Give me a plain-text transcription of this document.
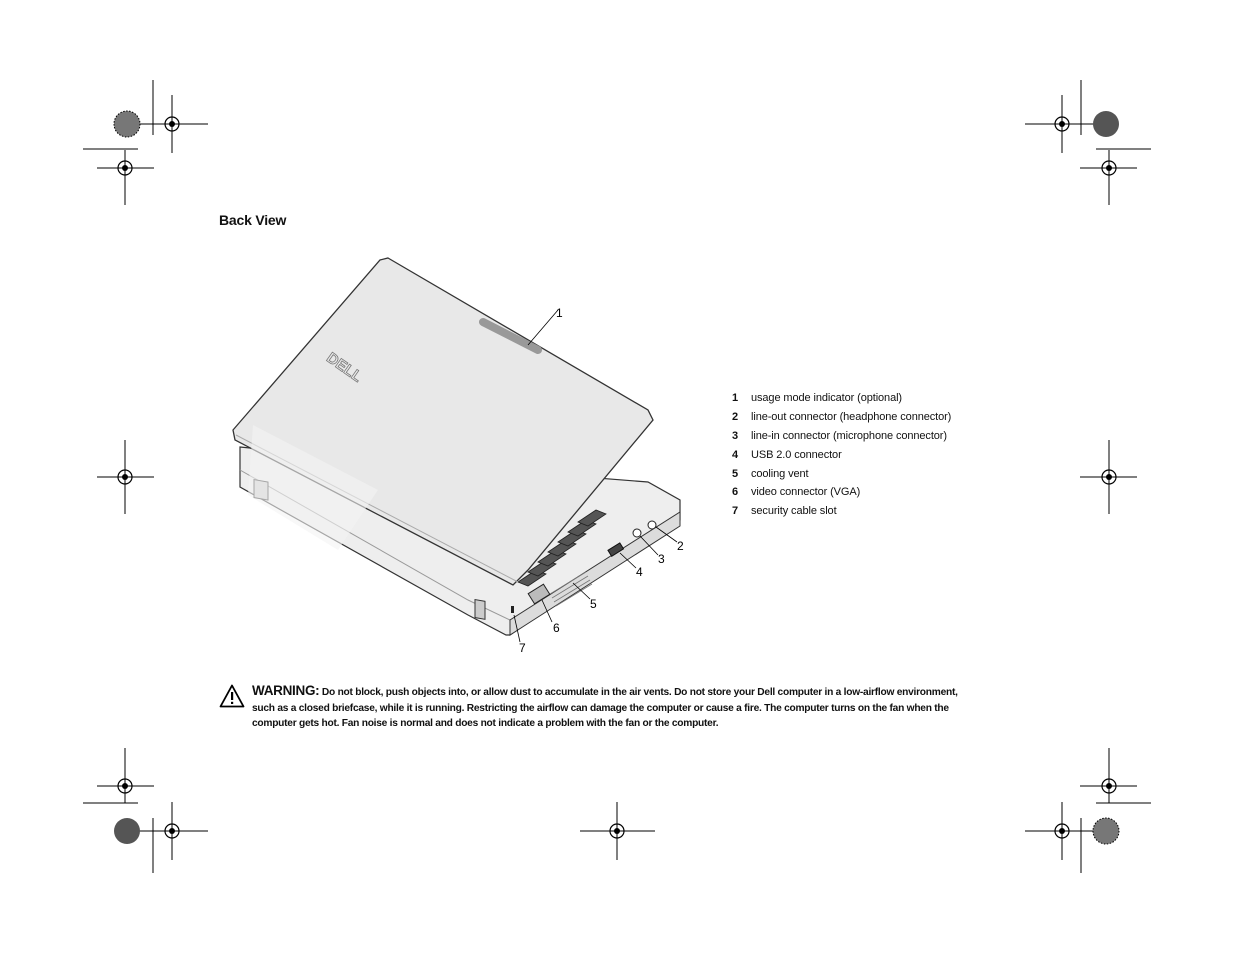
Back View
DELL
1
2
3
4
5
6
7
1	usage mode indicator (optional)
2	line-out connector (headphone connector)
3	line-in connector (microphone connector)
4	USB 2.0 connector
5	cooling vent
6	video connector (VGA)
7	security cable slot
WARNING: Do not block, push objects into, or allow dust to accumulate in the air vents. Do not store your Dell computer in a low-airflow environment, such as a closed briefcase, while it is running. Restricting the airflow can damage the computer or cause a fire. The computer turns on the fan when the computer gets hot. Fan noise is normal and does not indicate a problem with the fan or the computer.
